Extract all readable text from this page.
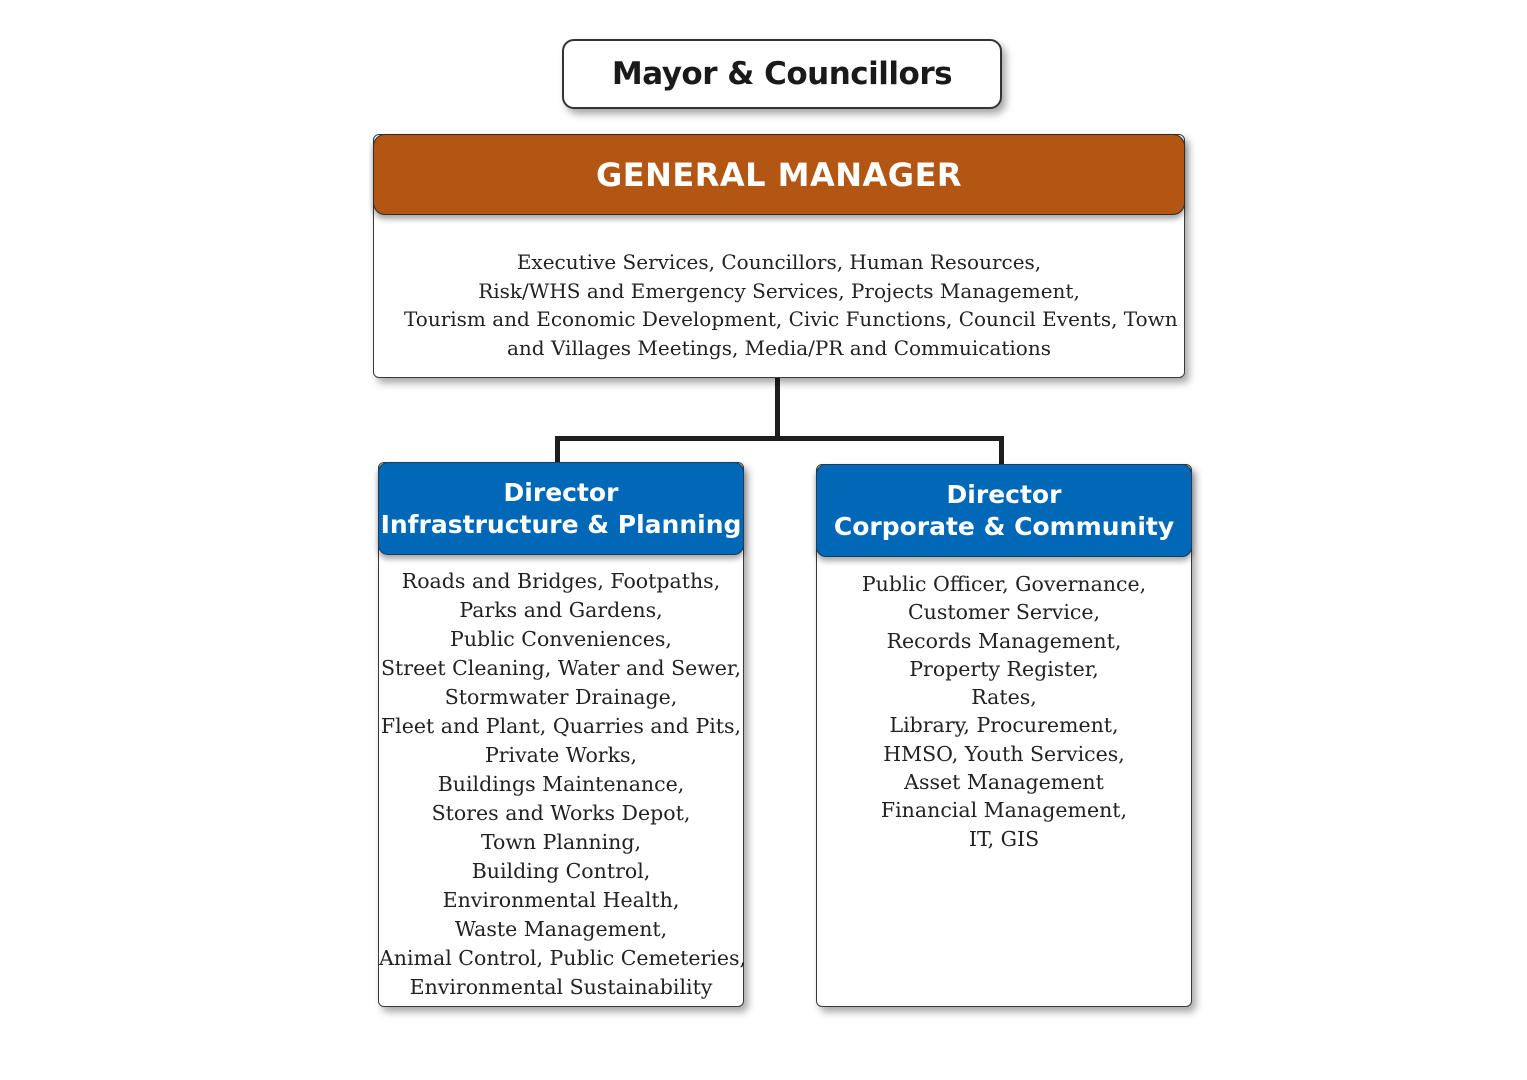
Mayor & Councillors
GENERAL MANAGER
Executive Services, Councillors, Human Resources,
Risk/WHS and Emergency Services, Projects Management,
Tourism and Economic Development, Civic Functions, Council Events, Town
and Villages Meetings, Media/PR and Commuications
Director
Infrastructure & Planning
Roads and Bridges, Footpaths,
Parks and Gardens,
Public Conveniences,
Street Cleaning, Water and Sewer,
Stormwater Drainage,
Fleet and Plant, Quarries and Pits,
Private Works,
Buildings Maintenance,
Stores and Works Depot,
Town Planning,
Building Control,
Environmental Health,
Waste Management,
Animal Control, Public Cemeteries,
Environmental Sustainability
Director
Corporate & Community
Public Officer, Governance,
Customer Service,
Records Management,
Property Register,
Rates,
Library, Procurement,
HMSO, Youth Services,
Asset Management
Financial Management,
IT, GIS
